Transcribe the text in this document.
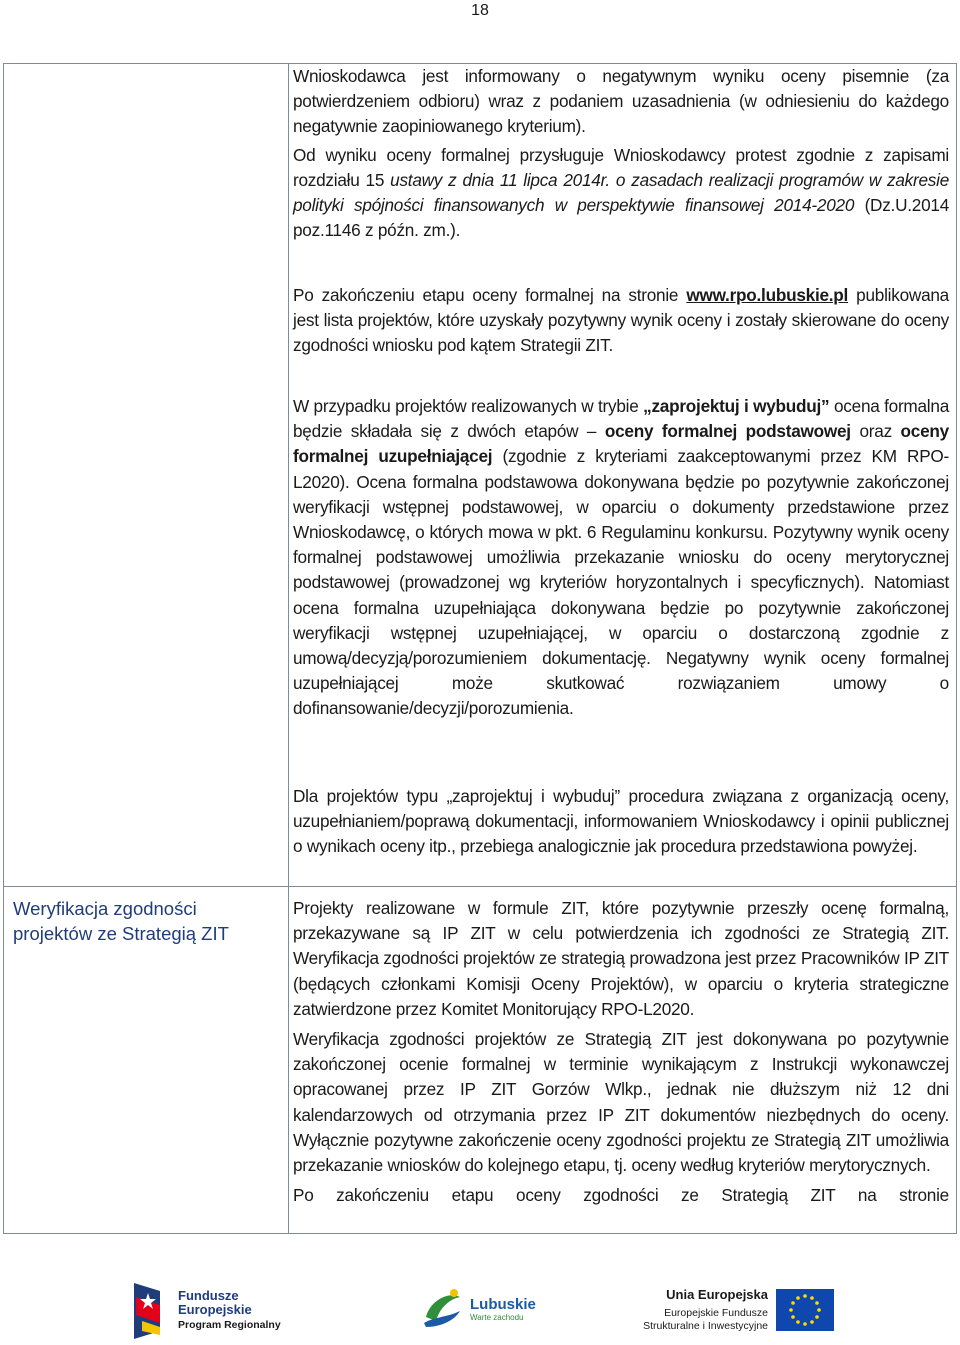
18
Weryfikacja zgodności projektów ze Strategią ZIT

Wnioskodawca jest informowany o negatywnym wyniku oceny pisemnie (za potwierdzeniem odbioru) wraz z podaniem uzasadnienia (w odniesieniu do każdego negatywnie zaopiniowanego kryterium).

Od wyniku oceny formalnej przysługuje Wnioskodawcy protest zgodnie z zapisami rozdziału 15 ustawy z dnia 11 lipca 2014r. o zasadach realizacji programów w zakresie polityki spójności finansowanych w perspektywie finansowej 2014-2020 (Dz.U.2014 poz.1146 z późn. zm.).

Po zakończeniu etapu oceny formalnej na stronie www.rpo.lubuskie.pl publikowana jest lista projektów, które uzyskały pozytywny wynik oceny i zostały skierowane do oceny zgodności wniosku pod kątem Strategii ZIT.

W przypadku projektów realizowanych w trybie „zaprojektuj i wybuduj” ocena formalna będzie składała się z dwóch etapów – oceny formalnej podstawowej oraz oceny formalnej uzupełniającej (zgodnie z kryteriami zaakceptowanymi przez KM RPO-L2020). Ocena formalna podstawowa dokonywana będzie po pozytywnie zakończonej weryfikacji wstępnej podstawowej, w oparciu o dokumenty przedstawione przez Wnioskodawcę, o których mowa w pkt. 6 Regulaminu konkursu. Pozytywny wynik oceny formalnej podstawowej umożliwia przekazanie wniosku do oceny merytorycznej podstawowej (prowadzonej wg kryteriów horyzontalnych i specyficznych). Natomiast ocena formalna uzupełniająca dokonywana będzie po pozytywnie zakończonej weryfikacji wstępnej uzupełniającej, w oparciu o dostarczoną zgodnie z umową/decyzją/porozumieniem dokumentację. Negatywny wynik oceny formalnej uzupełniającej może skutkować rozwiązaniem umowy o dofinansowanie/decyzji/porozumienia.

Dla projektów typu „zaprojektuj i wybuduj” procedura związana z organizacją oceny, uzupełnianiem/poprawą dokumentacji, informowaniem Wnioskodawcy i opinii publicznej o wynikach oceny itp., przebiega analogicznie jak procedura przedstawiona powyżej.

Projekty realizowane w formule ZIT, które pozytywnie przeszły ocenę formalną, przekazywane są IP ZIT w celu potwierdzenia ich zgodności ze Strategią ZIT. Weryfikacja zgodności projektów ze strategią prowadzona jest przez Pracowników IP ZIT (będących członkami Komisji Oceny Projektów), w oparciu o kryteria strategiczne zatwierdzone przez Komitet Monitorujący RPO-L2020.

Weryfikacja zgodności projektów ze Strategią ZIT jest dokonywana po pozytywnie zakończonej ocenie formalnej w terminie wynikającym z Instrukcji wykonawczej opracowanej przez IP ZIT Gorzów Wlkp., jednak nie dłuższym niż 12 dni kalendarzowych od otrzymania przez IP ZIT dokumentów niezbędnych do oceny. Wyłącznie pozytywne zakończenie oceny zgodności projektu ze Strategią ZIT umożliwia przekazanie wniosków do kolejnego etapu, tj. oceny według kryteriów merytorycznych.

Po zakończeniu etapu oceny zgodności ze Strategią ZIT na stronie

Fundusze
Europejskie
Program Regionalny
Lubuskie
Warte zachodu
Unia Europejska
Europejskie Fundusze
Strukturalne i Inwestycyjne
